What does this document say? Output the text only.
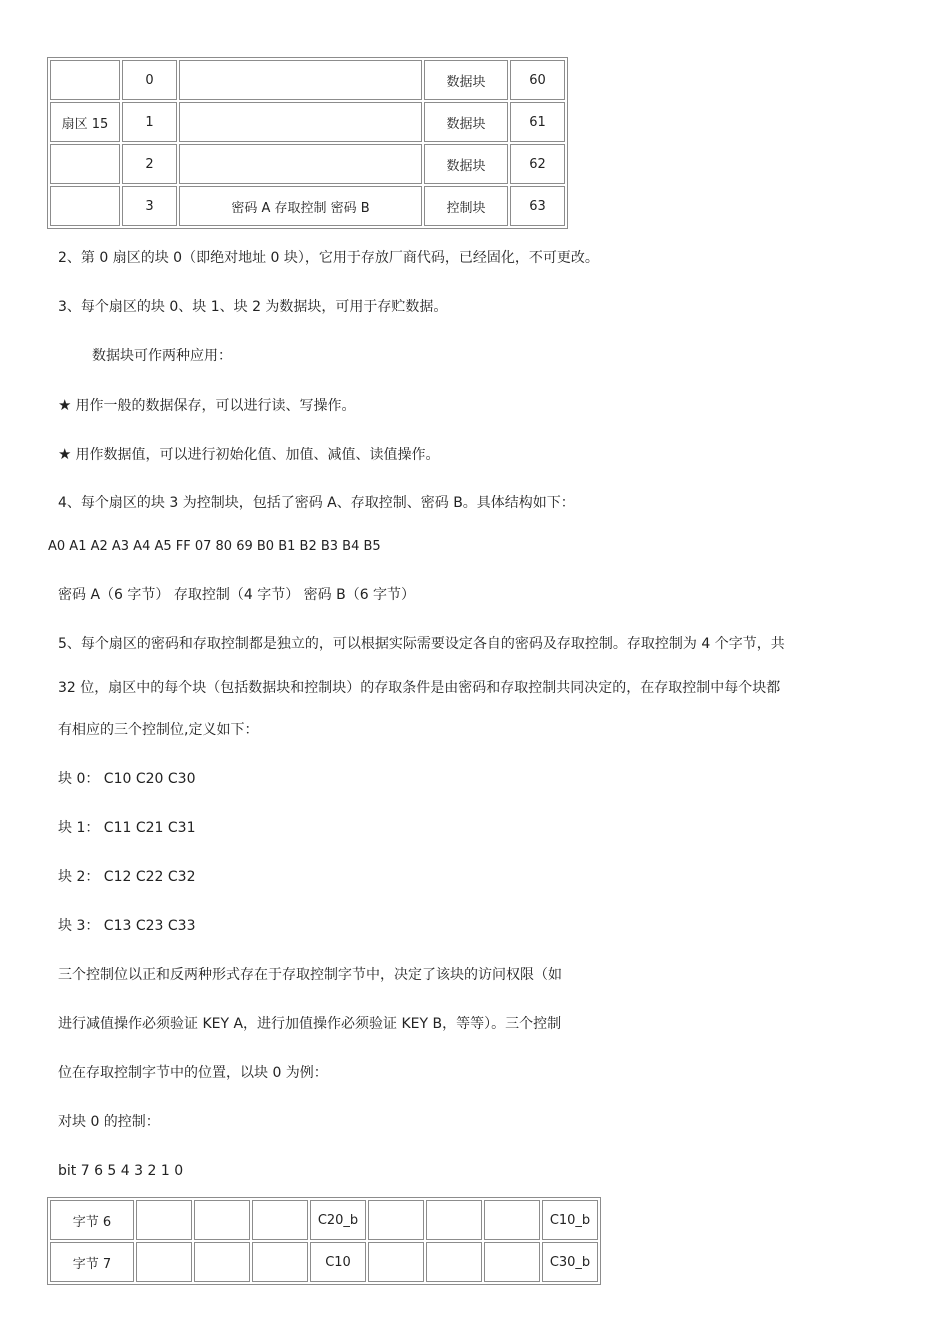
	0		数据块	60
扇区 15	1		数据块	61
	2		数据块	62
	3	密码 A 存取控制 密码 B	控制块	63
2、第 0 扇区的块 0（即绝对地址 0 块），它用于存放厂商代码，已经固化，不可更改。
3、每个扇区的块 0、块 1、块 2 为数据块，可用于存贮数据。
数据块可作两种应用：
★ 用作一般的数据保存，可以进行读、写操作。
★ 用作数据值，可以进行初始化值、加值、减值、读值操作。
4、每个扇区的块 3 为控制块，包括了密码 A、存取控制、密码 B。具体结构如下：
A0 A1 A2 A3 A4 A5 FF 07 80 69 B0 B1 B2 B3 B4 B5
密码 A（6 字节） 存取控制（4 字节） 密码 B（6 字节）
5、每个扇区的密码和存取控制都是独立的，可以根据实际需要设定各自的密码及存取控制。存取控制为 4 个字节，共
32 位，扇区中的每个块（包括数据块和控制块）的存取条件是由密码和存取控制共同决定的，在存取控制中每个块都
有相应的三个控制位,定义如下：
块 0： C10 C20 C30
块 1： C11 C21 C31
块 2： C12 C22 C32
块 3： C13 C23 C33
三个控制位以正和反两种形式存在于存取控制字节中，决定了该块的访问权限（如
进行减值操作必须验证 KEY A，进行加值操作必须验证 KEY B，等等）。三个控制
位在存取控制字节中的位置，以块 0 为例：
对块 0 的控制：
bit 7 6 5 4 3 2 1 0
字节 6				C20_b				C10_b
字节 7				C10				C30_b
